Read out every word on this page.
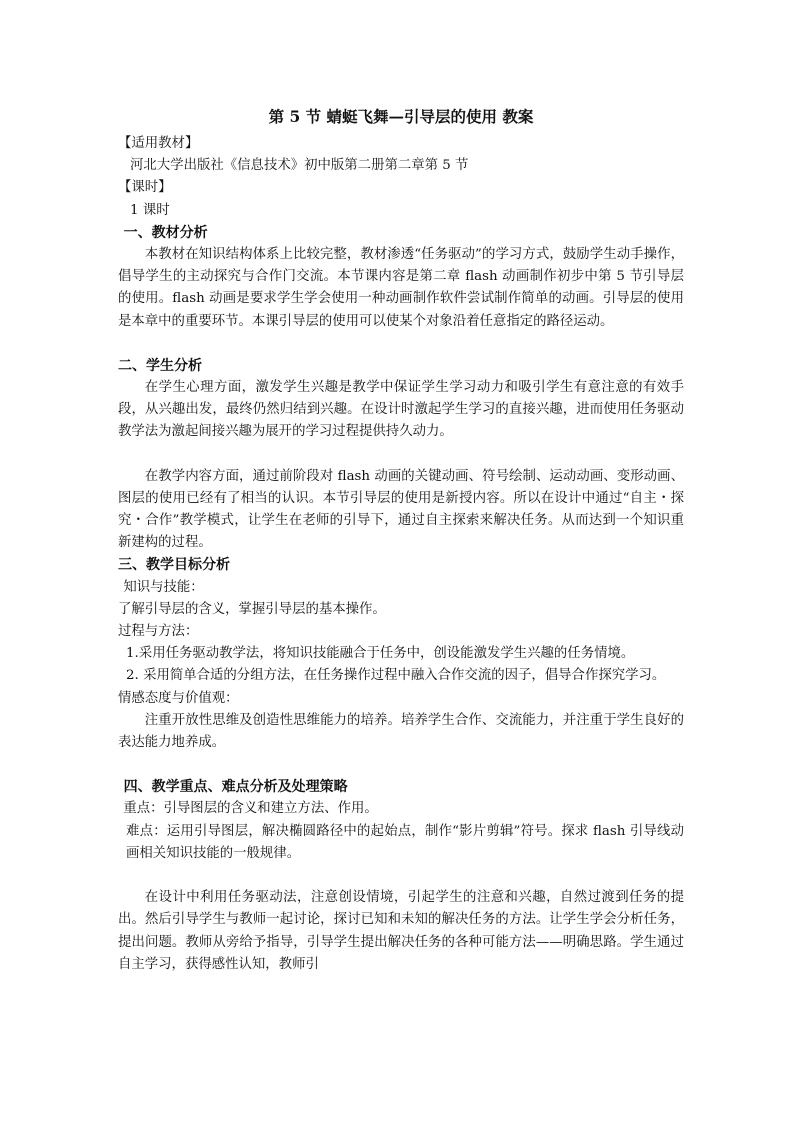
第 5 节 蜻蜓飞舞—引导层的使用 教案

【适用教材】

河北大学出版社《信息技术》初中版第二册第二章第 5 节

【课时】

1 课时

一、教材分析

本教材在知识结构体系上比较完整，教材渗透“任务驱动”的学习方式，鼓励学生动手操作，倡导学生的主动探究与合作门交流。本节课内容是第二章 flash 动画制作初步中第 5 节引导层的使用。flash 动画是要求学生学会使用一种动画制作软件尝试制作简单的动画。引导层的使用是本章中的重要环节。本课引导层的使用可以使某个对象沿着任意指定的路径运动。

二、学生分析

在学生心理方面，激发学生兴趣是教学中保证学生学习动力和吸引学生有意注意的有效手段，从兴趣出发，最终仍然归结到兴趣。在设计时激起学生学习的直接兴趣，进而使用任务驱动教学法为激起间接兴趣为展开的学习过程提供持久动力。

在教学内容方面，通过前阶段对 flash 动画的关键动画、符号绘制、运动动画、变形动画、图层的使用已经有了相当的认识。本节引导层的使用是新授内容。所以在设计中通过“自主・探究・合作”教学模式，让学生在老师的引导下，通过自主探索来解决任务。从而达到一个知识重新建构的过程。

三、教学目标分析

知识与技能：

了解引导层的含义，掌握引导层的基本操作。

过程与方法：

1.采用任务驱动教学法，将知识技能融合于任务中，创设能激发学生兴趣的任务情境。

2. 采用简单合适的分组方法，在任务操作过程中融入合作交流的因子，倡导合作探究学习。

情感态度与价值观：

注重开放性思维及创造性思维能力的培养。培养学生合作、交流能力，并注重于学生良好的表达能力地养成。

四、教学重点、难点分析及处理策略

重点：引导图层的含义和建立方法、作用。

难点：运用引导图层，解决椭圆路径中的起始点，制作“影片剪辑”符号。探求 flash 引导线动画相关知识技能的一般规律。

在设计中利用任务驱动法，注意创设情境，引起学生的注意和兴趣，自然过渡到任务的提出。然后引导学生与教师一起讨论，探讨已知和未知的解决任务的方法。让学生学会分析任务，提出问题。教师从旁给予指导，引导学生提出解决任务的各种可能方法——明确思路。学生通过自主学习，获得感性认知，教师引
